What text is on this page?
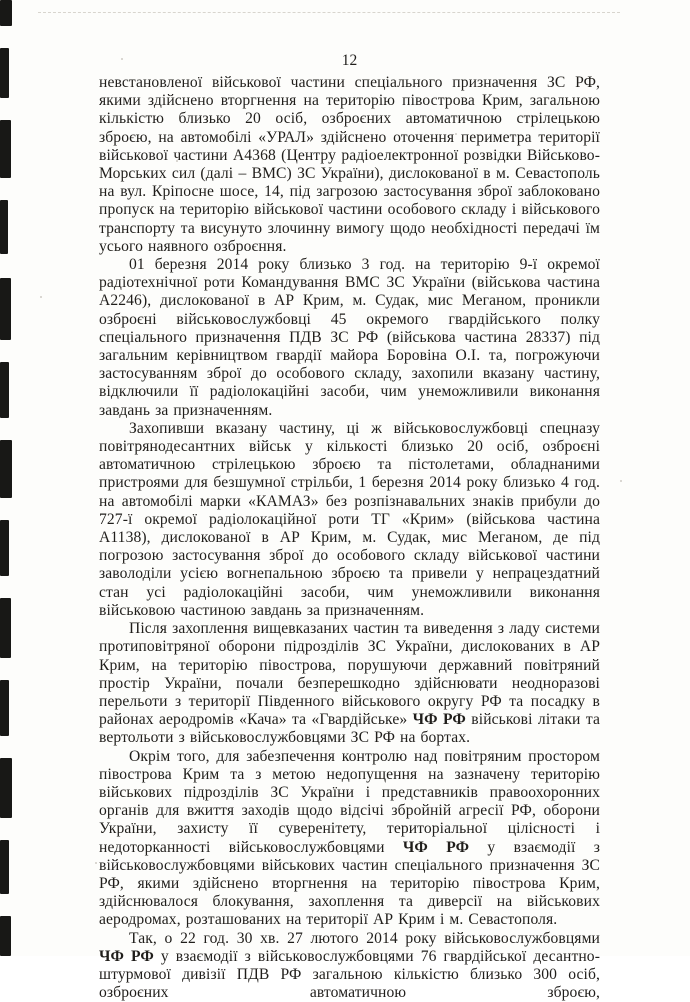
12

невстановленої військової частини спеціального призначення ЗС РФ, якими здійснено вторгнення на територію півострова Крим, загальною кількістю близько 20 осіб, озброєних автоматичною стрілецькою зброєю, на автомобілі «УРАЛ» здійснено оточення периметра території військової частини А4368 (Центру радіоелектронної розвідки Військово-Морських сил (далі – ВМС) ЗС України), дислокованої в м. Севастополь на вул. Кріпосне шосе, 14, під загрозою застосування зброї заблоковано пропуск на територію військової частини особового складу і військового транспорту та висунуто злочинну вимогу щодо необхідності передачі їм усього наявного озброєння.

01 березня 2014 року близько 3 год. на територію 9-ї окремої радіотехнічної роти Командування ВМС ЗС України (військова частина А2246), дислокованої в АР Крим, м. Судак, мис Меганом, проникли озброєні військовослужбовці 45 окремого гвардійського полку спеціального призначення ПДВ ЗС РФ (військова частина 28337) під загальним керівництвом гвардії майора Боровіна О.І. та, погрожуючи застосуванням зброї до особового складу, захопили вказану частину, відключили її радіолокаційні засоби, чим унеможливили виконання завдань за призначенням.

Захопивши вказану частину, ці ж військовослужбовці спецназу повітрянодесантних військ у кількості близько 20 осіб, озброєні автоматичною стрілецькою зброєю та пістолетами, обладнаними пристроями для безшумної стрільби, 1 березня 2014 року близько 4 год. на автомобілі марки «КАМАЗ» без розпізнавальних знаків прибули до 727-ї окремої радіолокаційної роти ТГ «Крим» (військова частина А1138), дислокованої в АР Крим, м. Судак, мис Меганом, де під погрозою застосування зброї до особового складу військової частини заволоділи усією вогнепальною зброєю та привели у непрацездатний стан усі радіолокаційні засоби, чим унеможливили виконання військовою частиною завдань за призначенням.

Після захоплення вищевказаних частин та виведення з ладу системи протиповітряної оборони підрозділів ЗС України, дислокованих в АР Крим, на територію півострова, порушуючи державний повітряний простір України, почали безперешкодно здійснювати неодноразові перельоти з території Південного військового округу РФ та посадку в районах аеродромів «Кача» та «Гвардійське» ЧФ РФ військові літаки та вертольоти з військовослужбовцями ЗС РФ на бортах.

Окрім того, для забезпечення контролю над повітряним простором півострова Крим та з метою недопущення на зазначену територію військових підрозділів ЗС України і представників правоохоронних органів для вжиття заходів щодо відсічі збройній агресії РФ, оборони України, захисту її суверенітету, територіальної цілісності і недоторканності військовослужбовцями ЧФ РФ у взаємодії з військовослужбовцями військових частин спеціального призначення ЗС РФ, якими здійснено вторгнення на територію півострова Крим, здійснювалося блокування, захоплення та диверсії на військових аеродромах, розташованих на території АР Крим і м. Севастополя.

Так, о 22 год. 30 хв. 27 лютого 2014 року військовослужбовцями ЧФ РФ у взаємодії з військовослужбовцями 76 гвардійської десантно-штурмової дивізії ПДВ РФ загальною кількістю близько 300 осіб, озброєних автоматичною зброєю,
